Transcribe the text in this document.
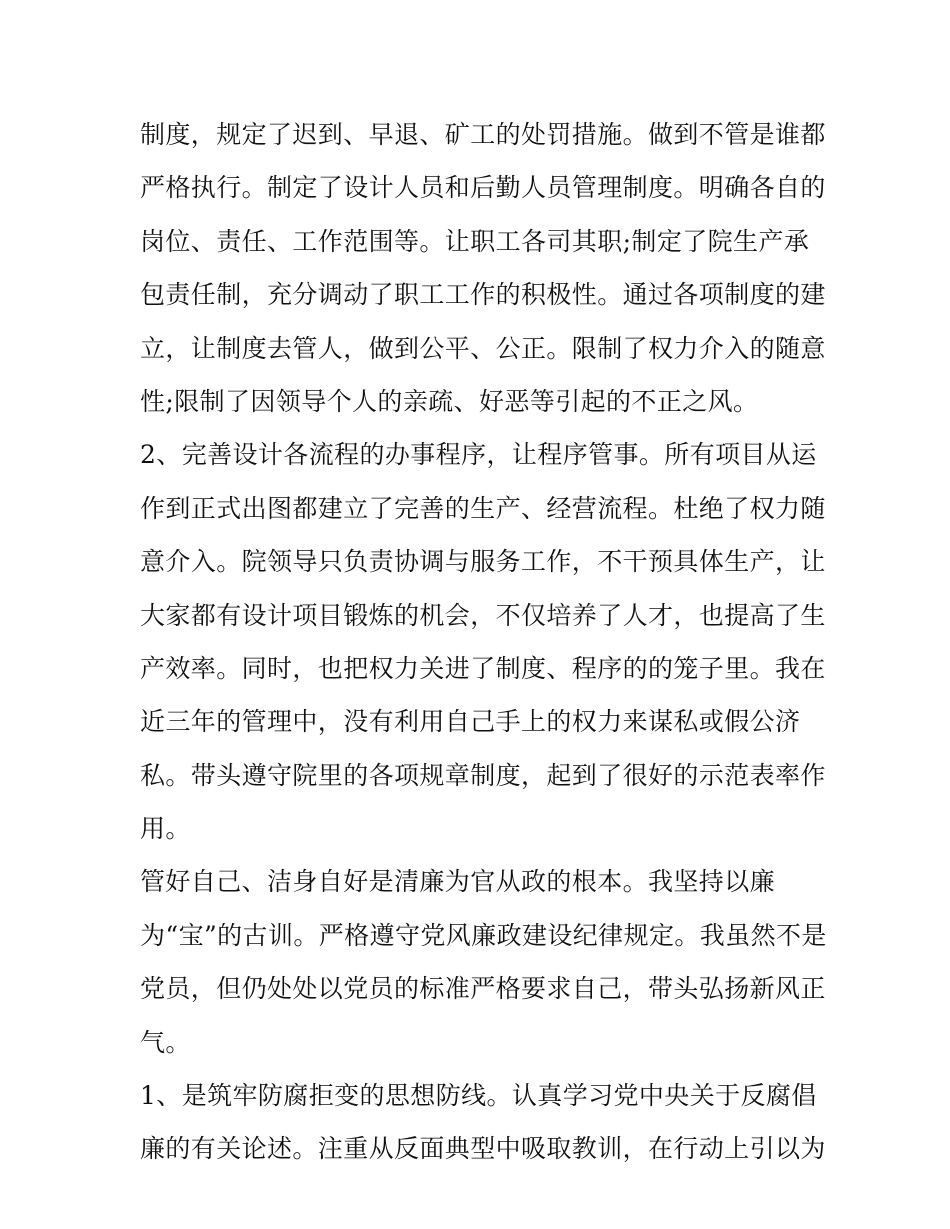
制度，规定了迟到、早退、矿工的处罚措施。做到不管是谁都
严格执行。制定了设计人员和后勤人员管理制度。明确各自的
岗位、责任、工作范围等。让职工各司其职;制定了院生产承
包责任制，充分调动了职工工作的积极性。通过各项制度的建
立，让制度去管人，做到公平、公正。限制了权力介入的随意
性;限制了因领导个人的亲疏、好恶等引起的不正之风。
2、完善设计各流程的办事程序，让程序管事。所有项目从运
作到正式出图都建立了完善的生产、经营流程。杜绝了权力随
意介入。院领导只负责协调与服务工作，不干预具体生产，让
大家都有设计项目锻炼的机会，不仅培养了人才，也提高了生
产效率。同时，也把权力关进了制度、程序的的笼子里。我在
近三年的管理中，没有利用自己手上的权力来谋私或假公济
私。带头遵守院里的各项规章制度，起到了很好的示范表率作
用。
管好自己、洁身自好是清廉为官从政的根本。我坚持以廉
为“宝”的古训。严格遵守党风廉政建设纪律规定。我虽然不是
党员，但仍处处以党员的标准严格要求自己，带头弘扬新风正
气。
1、是筑牢防腐拒变的思想防线。认真学习党中央关于反腐倡
廉的有关论述。注重从反面典型中吸取教训，在行动上引以为
